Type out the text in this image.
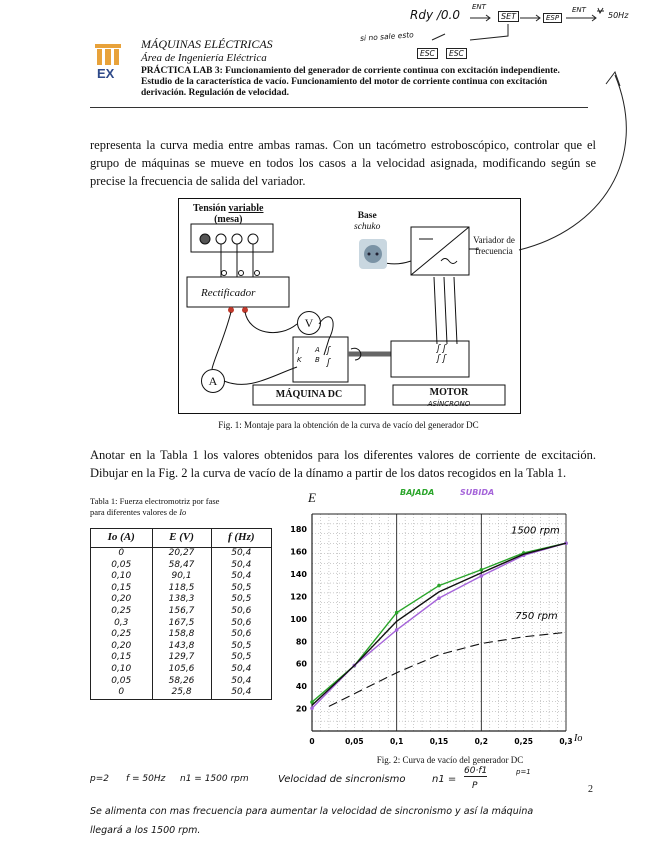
Rdy /0.0
ENT
SET	ESP
ENT
50Hz
si no sale esto
ESC	ESC
EX
MÁQUINAS ELÉCTRICAS
Área de Ingeniería Eléctrica
PRÁCTICA LAB 3: Funcionamiento del generador de corriente continua con excitación independiente. Estudio de la característica de vacío. Funcionamiento del motor de corriente continua con excitación derivación. Regulación de velocidad.
representa la curva media entre ambas ramas. Con un tacómetro estroboscópico, controlar que el grupo de máquinas se mueve en todos los casos a la velocidad asignada, modificando según se precise la frecuencia de salida del variador.
ʃ ʃ
ʃ ʃ
ʃ
ʃ
Tensión variable
(mesa)	Base
schuko
Variador de frecuencia
Rectificador
V
A
J
K
A
B
MÁQUINA DC	MOTOR
ASÍNCRONO
Fig. 1: Montaje para la obtención de la curva de vacío del generador DC
Anotar en la Tabla 1 los valores obtenidos para los diferentes valores de corriente de excitación. Dibujar en la Fig. 2 la curva de vacío de la dínamo a partir de los datos recogidos en la Tabla 1.
Tabla 1: Fuerza electromotriz por fase
para diferentes valores de Io
Io (A)	E (V)	f (Hz)
0	20,27	50,4
0,05	58,47	50,4
0,10	90,1	50,4
0,15	118,5	50,5
0,20	138,3	50,5
0,25	156,7	50,6
0,3	167,5	50,6
0,25	158,8	50,6
0,20	143,8	50,5
0,15	129,7	50,5
0,10	105,6	50,4
0,05	58,26	50,4
0	25,8	50,4
E	BAJADA	SUBIDA
20
40
60
80
100
120
140
160
180
0	0,05	0,1	0,15	0,2	0,25	0,3 Io
1500 rpm
750 rpm
Fig. 2: Curva de vacío del generador DC
p=2 f = 50Hz n1 = 1500 rpm	Velocidad de sincronismo	n1 =
60·f1
P
p=1
2
Se alimenta con mas frecuencia para aumentar la velocidad de sincronismo y así la máquina
llegará a los 1500 rpm.
